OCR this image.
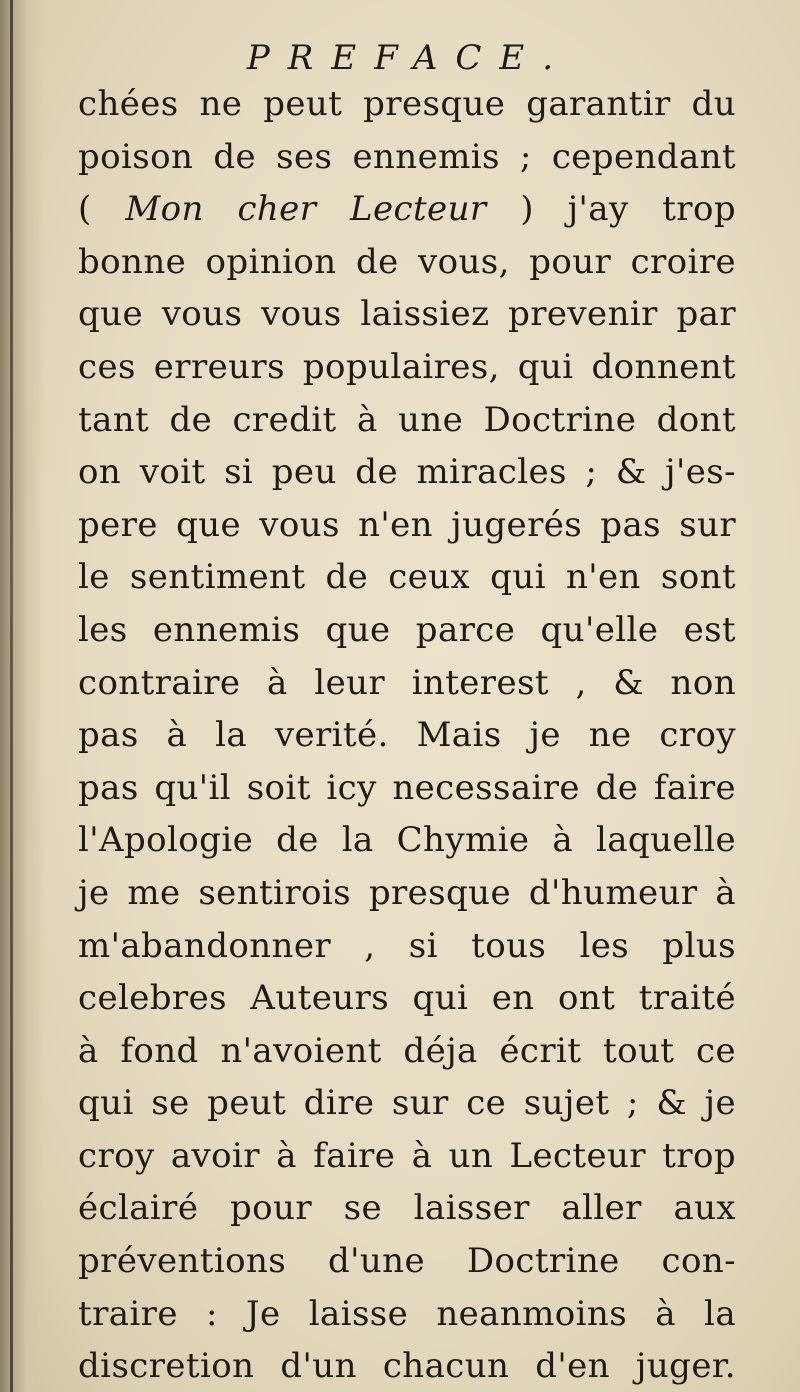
PREFACE.
chées ne peut presque garantir du
poison de ses ennemis ; cependant
( Mon cher Lecteur ) j'ay trop
bonne opinion de vous, pour croire
que vous vous laissiez prevenir par
ces erreurs populaires, qui donnent
tant de credit à une Doctrine dont
on voit si peu de miracles ; & j'es-
pere que vous n'en jugerés pas sur
le sentiment de ceux qui n'en sont
les ennemis que parce qu'elle est
contraire à leur interest , & non
pas à la verité. Mais je ne croy
pas qu'il soit icy necessaire de faire
l'Apologie de la Chymie à laquelle
je me sentirois presque d'humeur à
m'abandonner , si tous les plus
celebres Auteurs qui en ont traité
à fond n'avoient déja écrit tout ce
qui se peut dire sur ce sujet ; & je
croy avoir à faire à un Lecteur trop
éclairé pour se laisser aller aux
préventions d'une Doctrine con-
traire : Je laisse neanmoins à la
discretion d'un chacun d'en juger.
